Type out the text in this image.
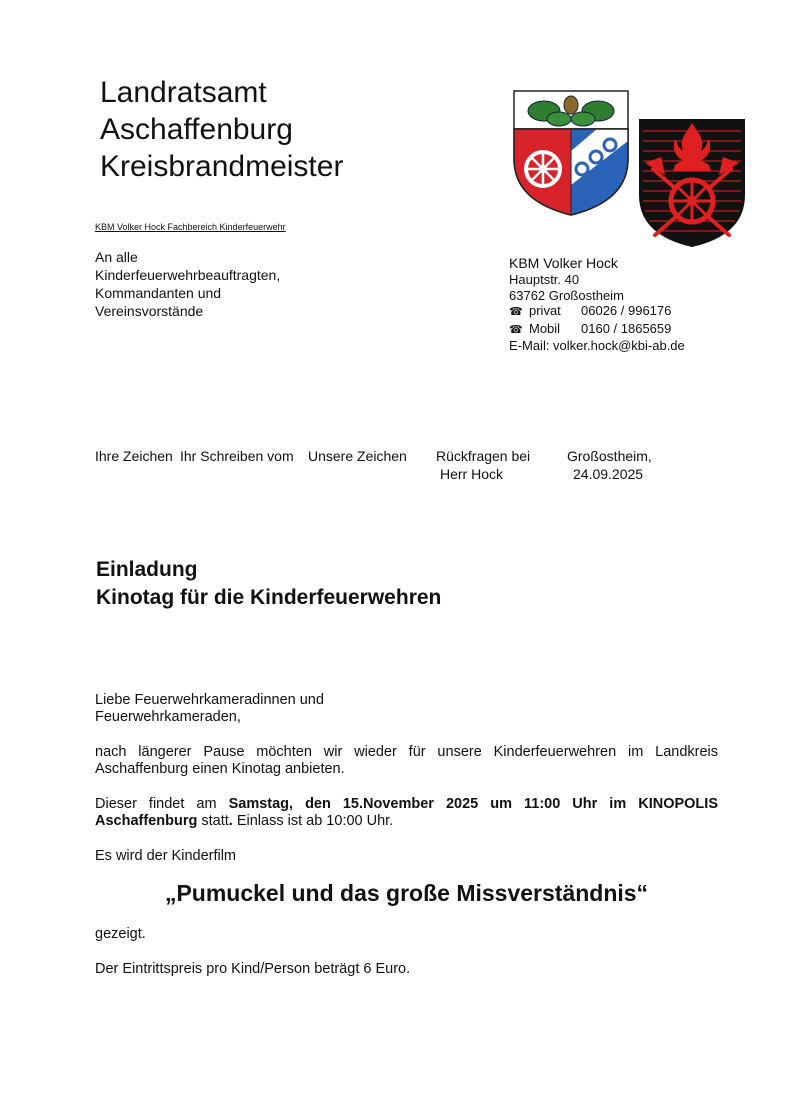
Landratsamt
Aschaffenburg
Kreisbrandmeister
KBM Volker Hock Fachbereich Kinderfeuerwehr
An alle
Kinderfeuerwehrbeauftragten,
Kommandanten und
Vereinsvorstände
KBM Volker Hock
Hauptstr. 40
63762 Großostheim
☎ privat 06026 / 996176
☎ Mobil 0160 / 1865659
E-Mail: volker.hock@kbi-ab.de
Ihre Zeichen Ihr Schreiben vom Unsere Zeichen Rückfragen bei
Herr Hock
Großostheim,
24.09.2025
Einladung
Kinotag für die Kinderfeuerwehren

Liebe Feuerwehrkameradinnen und
Feuerwehrkameraden,

nach längerer Pause möchten wir wieder für unsere Kinderfeuerwehren im Landkreis Aschaffenburg einen Kinotag anbieten.

Dieser findet am Samstag, den 15.November 2025 um 11:00 Uhr im KINOPOLIS Aschaffenburg statt. Einlass ist ab 10:00 Uhr.

Es wird der Kinderfilm

„Pumuckel und das große Missverständnis“

gezeigt.

Der Eintrittspreis pro Kind/Person beträgt 6 Euro.
